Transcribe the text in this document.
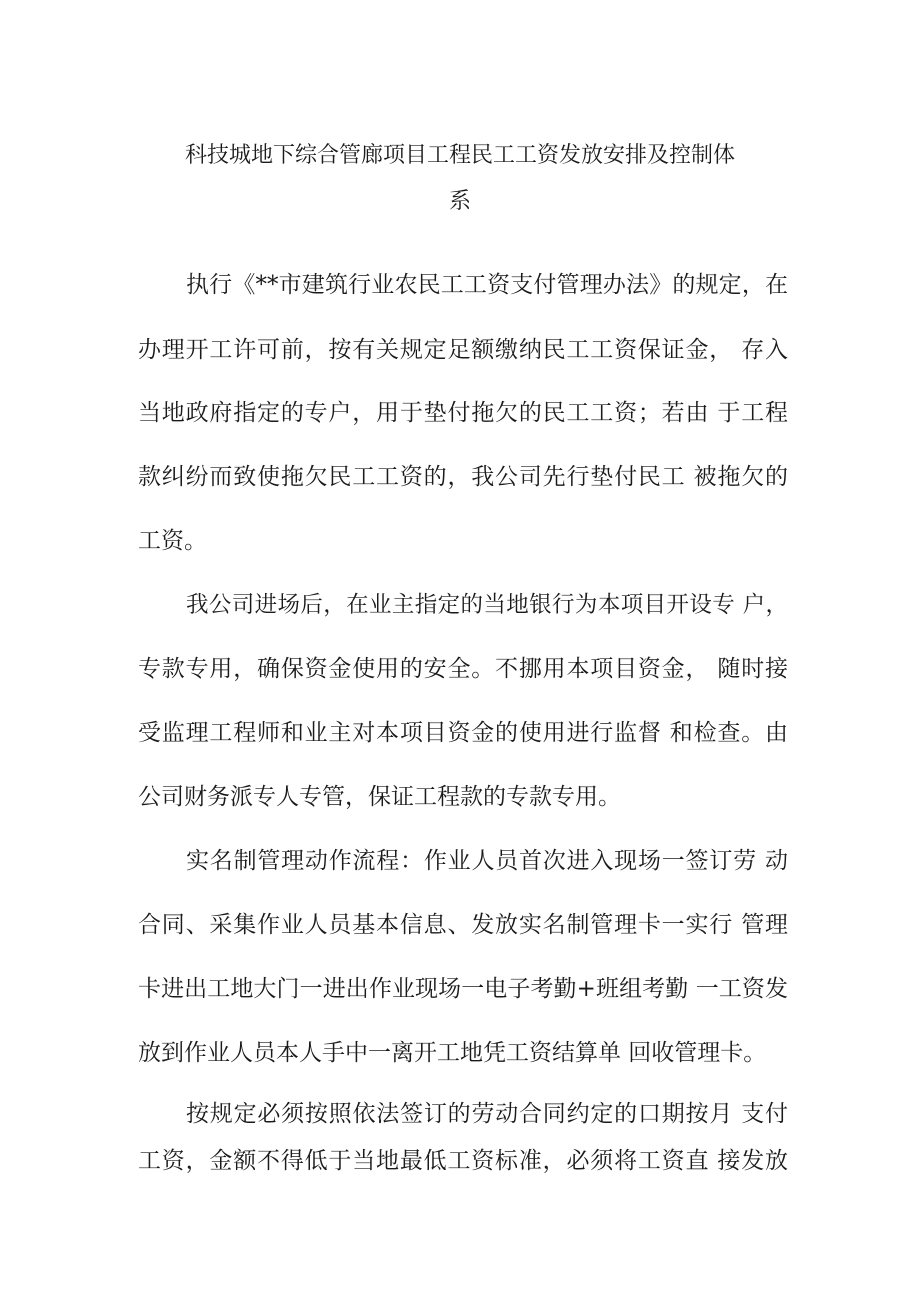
科技城地下综合管廊项目工程民工工资发放安排及控制体
系
执行《**市建筑行业农民工工资支付管理办法》的规定，在
办理开工许可前，按有关规定足额缴纳民工工资保证金， 存入
当地政府指定的专户，用于垫付拖欠的民工工资；若由 于工程
款纠纷而致使拖欠民工工资的，我公司先行垫付民工 被拖欠的
工资。
我公司进场后，在业主指定的当地银行为本项目开设专 户，
专款专用，确保资金使用的安全。不挪用本项目资金， 随时接
受监理工程师和业主对本项目资金的使用进行监督 和检查。由
公司财务派专人专管，保证工程款的专款专用。
实名制管理动作流程：作业人员首次进入现场一签订劳 动
合同、采集作业人员基本信息、发放实名制管理卡一实行 管理
卡进出工地大门一进出作业现场一电子考勤+班组考勤 一工资发
放到作业人员本人手中一离开工地凭工资结算单 回收管理卡。
按规定必须按照依法签订的劳动合同约定的口期按月 支付
工资，金额不得低于当地最低工资标准，必须将工资直 接发放
